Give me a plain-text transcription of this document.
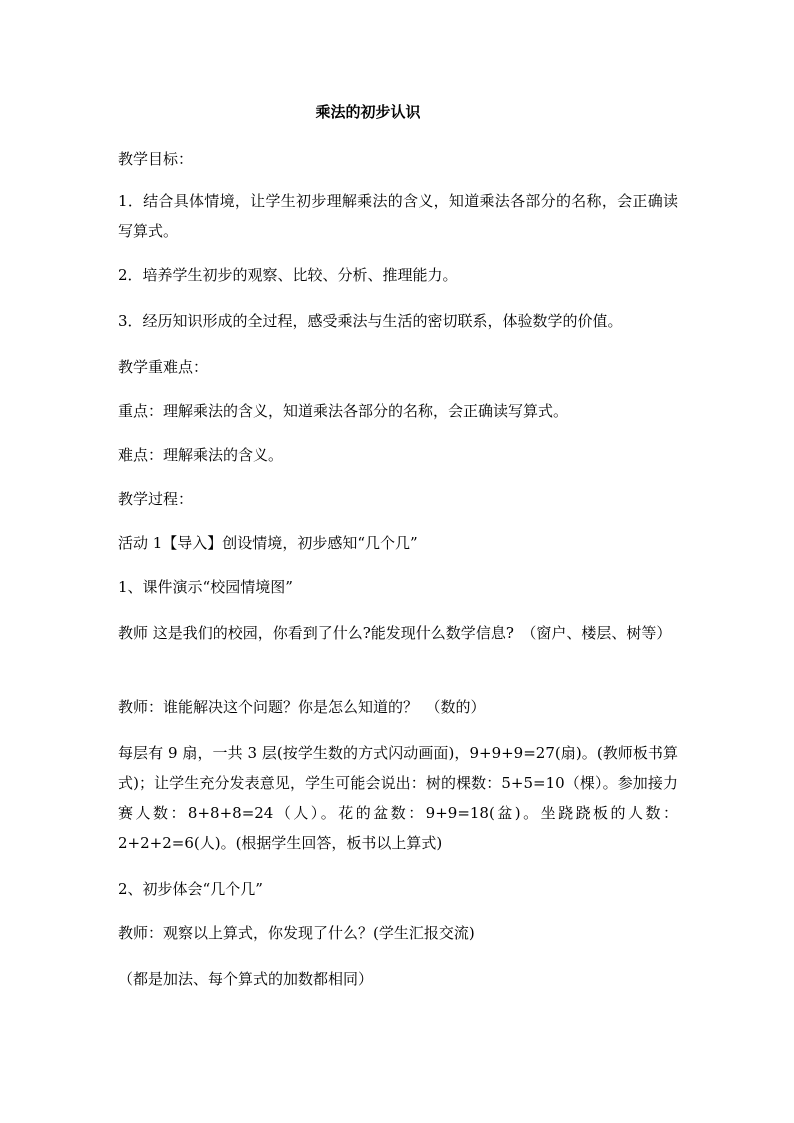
乘法的初步认识

教学目标：

1．结合具体情境，让学生初步理解乘法的含义，知道乘法各部分的名称，会正确读写算式。

2．培养学生初步的观察、比较、分析、推理能力。

3．经历知识形成的全过程，感受乘法与生活的密切联系，体验数学的价值。

教学重难点：

重点：理解乘法的含义，知道乘法各部分的名称，会正确读写算式。

难点：理解乘法的含义。

教学过程：

活动 1【导入】创设情境，初步感知“几个几”

1、课件演示“校园情境图”

教师 这是我们的校园，你看到了什么?能发现什么数学信息?　（窗户、楼层、树等）

教师：谁能解决这个问题？你是怎么知道的？　（数的）

每层有 9 扇，一共 3 层(按学生数的方式闪动画面)，9+9+9=27(扇)。(教师板书算式)；让学生充分发表意见，学生可能会说出：树的棵数：5+5=10（棵）。参加接力赛人数：8+8+8=24（人）。花的盆数：9+9=18(盆)。坐跷跷板的人数：2+2+2=6(人)。(根据学生回答，板书以上算式)

2、初步体会“几个几”

教师：观察以上算式，你发现了什么？(学生汇报交流)

（都是加法、每个算式的加数都相同）
